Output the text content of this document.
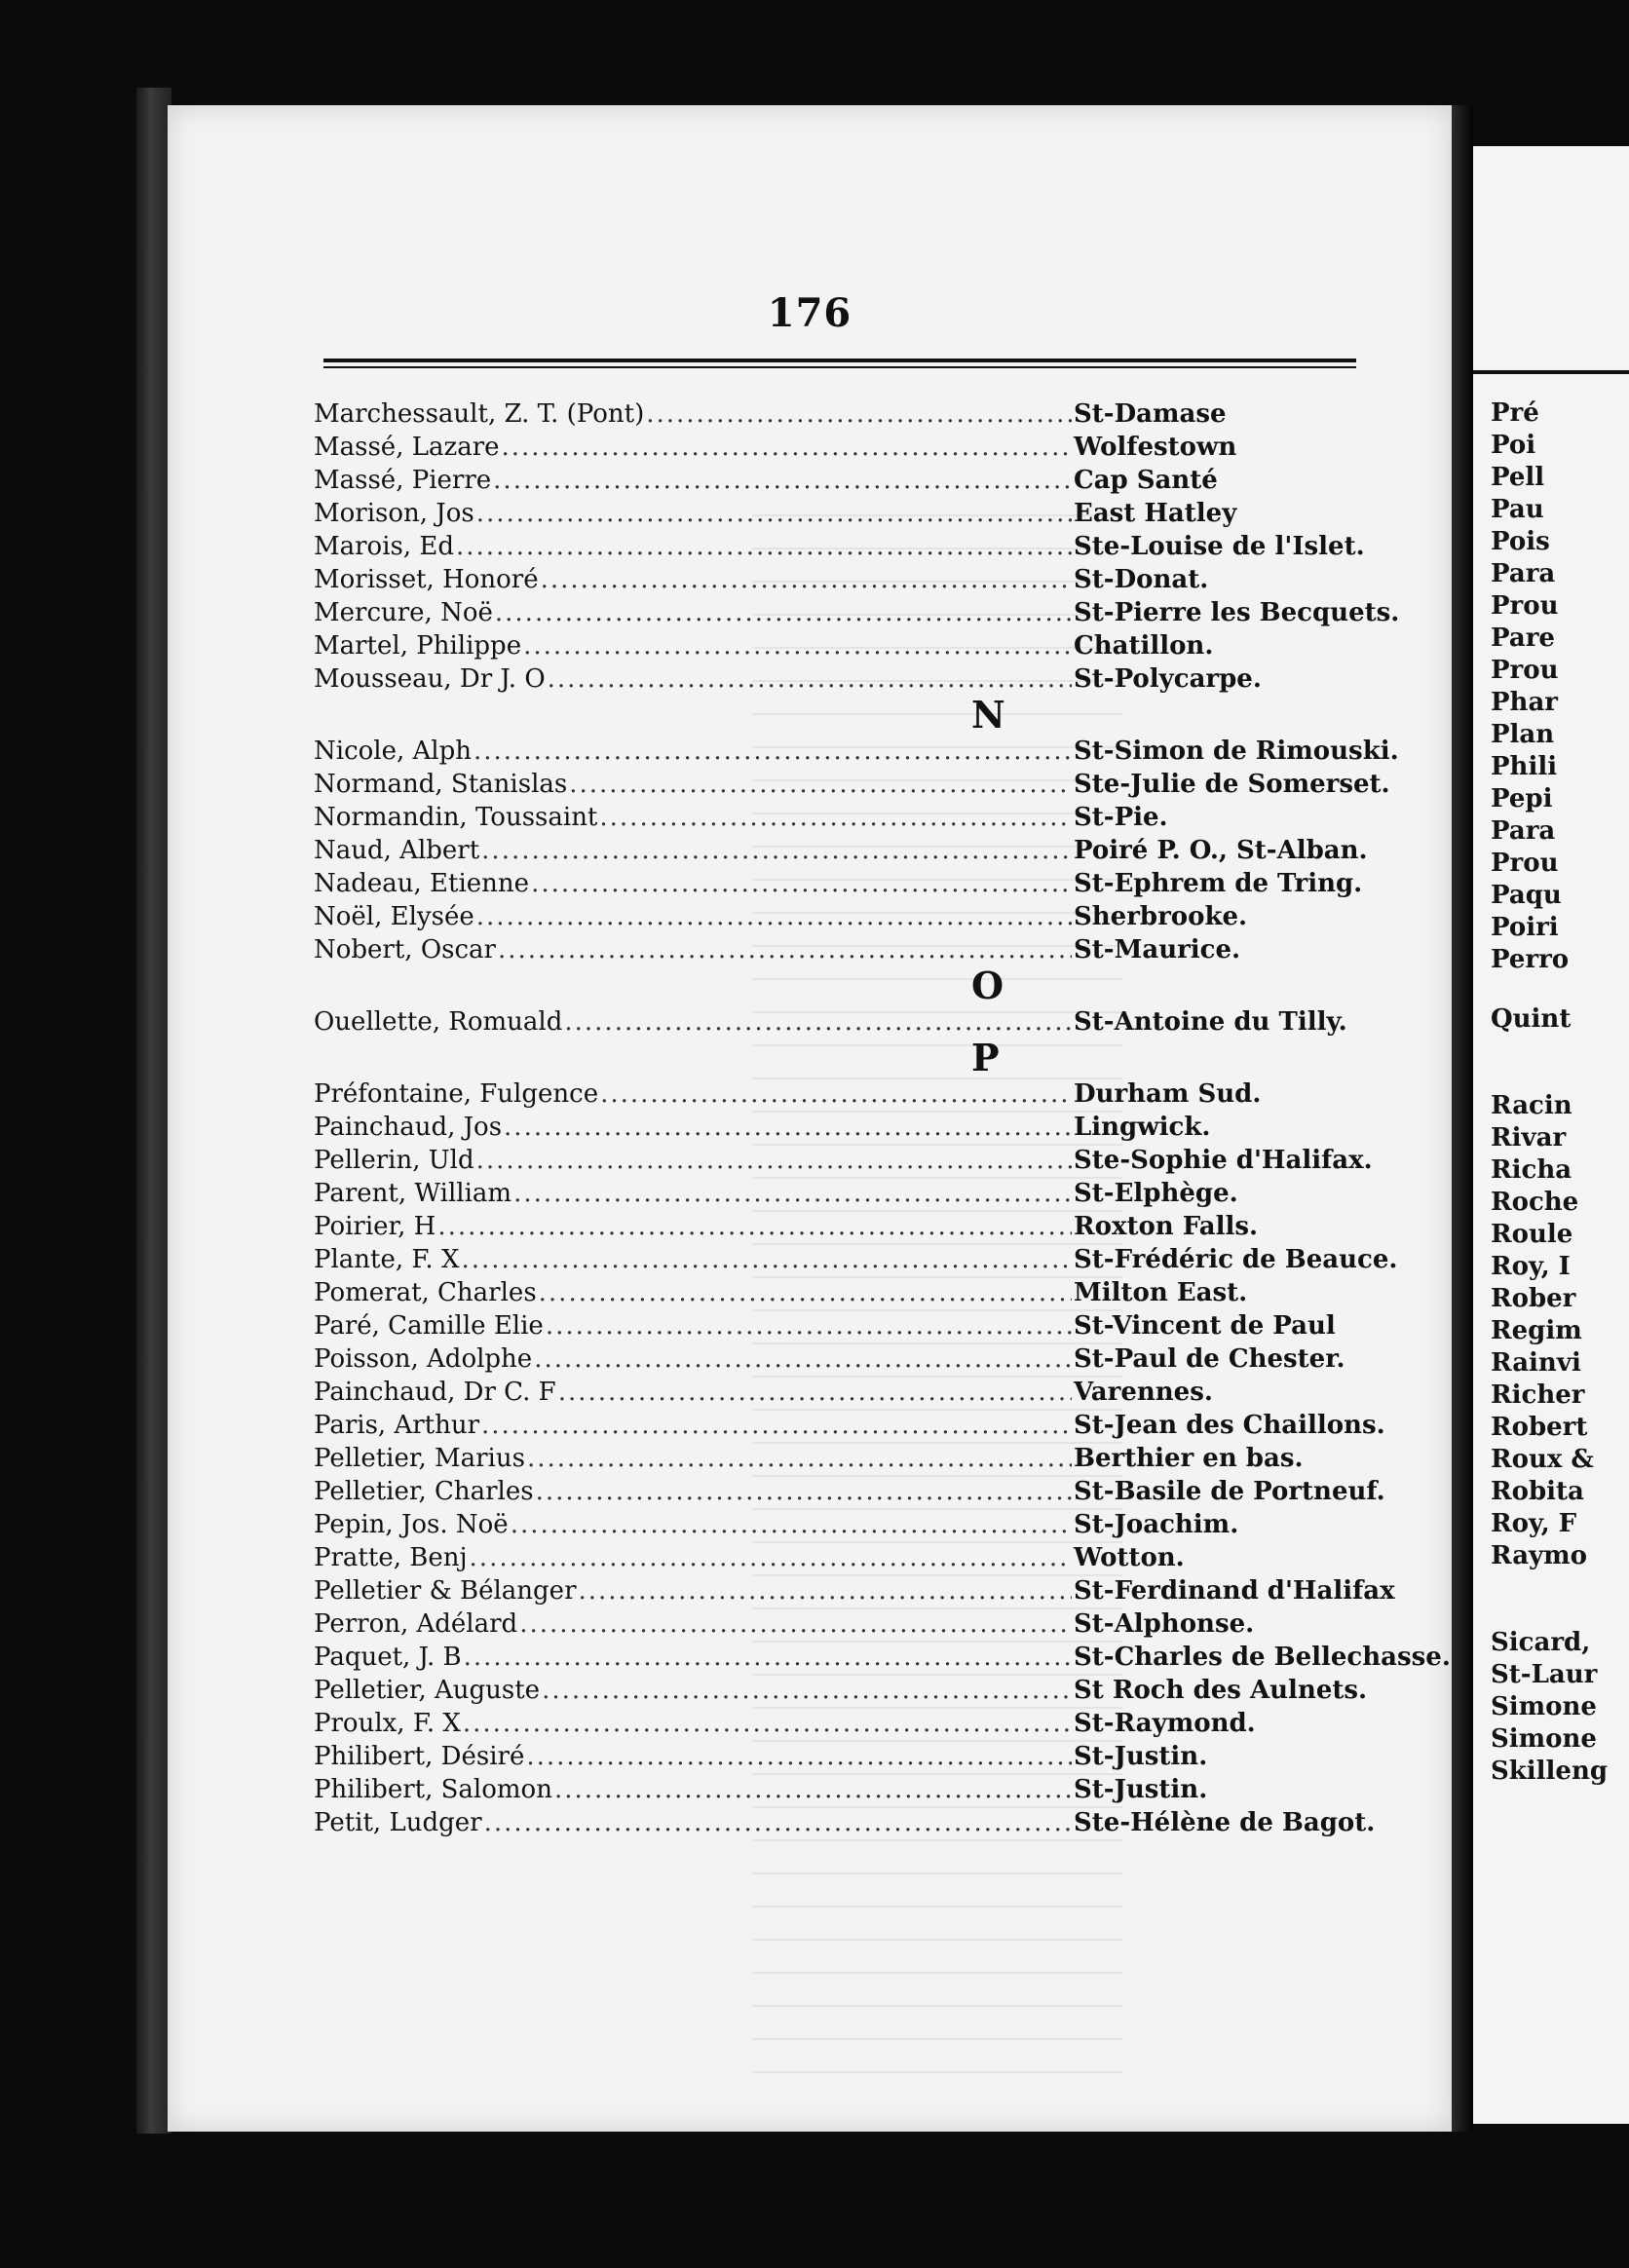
176
Marchessault, Z. T. (Pont) .....	St-Damase
Massé, Lazare .....	Wolfestown
Massé, Pierre .....	Cap Santé
Morison, Jos .....	East Hatley
Marois, Ed .....	Ste-Louise de l'Islet.
Morisset, Honoré .....	St-Donat.
Mercure, Noë .....	St-Pierre les Becquets.
Martel, Philippe .....	Chatillon.
Mousseau, Dr J. O .....	St-Polycarpe.
N
Nicole, Alph .....	St-Simon de Rimouski.
Normand, Stanislas .....	Ste-Julie de Somerset.
Normandin, Toussaint .....	St-Pie.
Naud, Albert .....	Poiré P. O., St-Alban.
Nadeau, Etienne .....	St-Ephrem de Tring.
Noël, Elysée .....	Sherbrooke.
Nobert, Oscar .....	St-Maurice.
O
Ouellette, Romuald .....	St-Antoine du Tilly.
P
Préfontaine, Fulgence .....	Durham Sud.
Painchaud, Jos .....	Lingwick.
Pellerin, Uld .....	Ste-Sophie d'Halifax.
Parent, William .....	St-Elphège.
Poirier, H .....	Roxton Falls.
Plante, F. X .....	St-Frédéric de Beauce.
Pomerat, Charles .....	Milton East.
Paré, Camille Elie .....	St-Vincent de Paul
Poisson, Adolphe .....	St-Paul de Chester.
Painchaud, Dr C. F .....	Varennes.
Paris, Arthur .....	St-Jean des Chaillons.
Pelletier, Marius .....	Berthier en bas.
Pelletier, Charles .....	St-Basile de Portneuf.
Pepin, Jos. Noë .....	St-Joachim.
Pratte, Benj .....	Wotton.
Pelletier & Bélanger .....	St-Ferdinand d'Halifax
Perron, Adélard .....	St-Alphonse.
Paquet, J. B .....	St-Charles de Bellechasse.
Pelletier, Auguste .....	St Roch des Aulnets.
Proulx, F. X .....	St-Raymond.
Philibert, Désiré .....	St-Justin.
Philibert, Salomon .....	St-Justin.
Petit, Ludger .....	Ste-Hélène de Bagot.
Pré
Poi
Pell
Pau
Pois
Para
Prou
Pare
Prou
Phar
Plan
Phili
Pepi
Para
Prou
Paqu
Poiri
Perro
Quint
Racin
Rivar
Richa
Roche
Roule
Roy, I
Rober
Regim
Rainvi
Richer
Robert
Roux &
Robita
Roy, F
Raymo
Sicard,
St-Laur
Simone
Simone
Skilleng
